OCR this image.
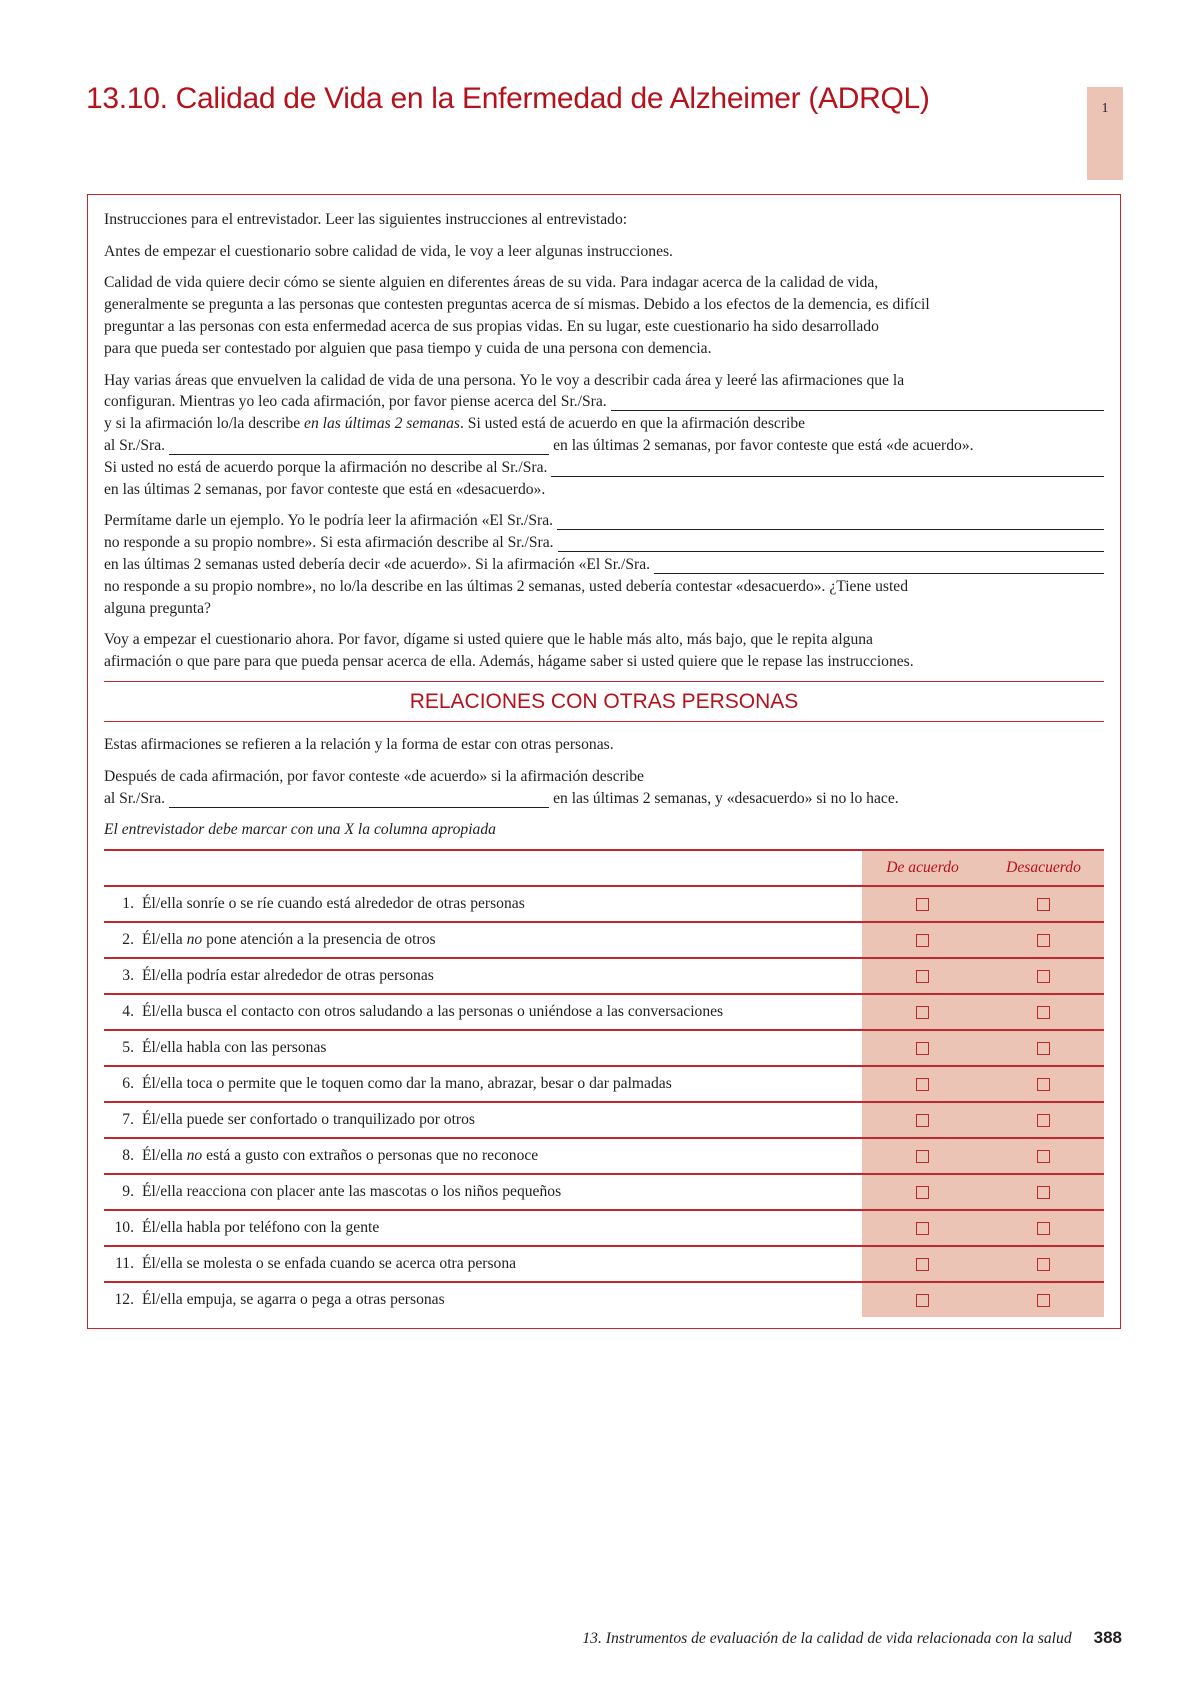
13.10. Calidad de Vida en la Enfermedad de Alzheimer (ADRQL)	1
Instrucciones para el entrevistador. Leer las siguientes instrucciones al entrevistado:
Antes de empezar el cuestionario sobre calidad de vida, le voy a leer algunas instrucciones.
Calidad de vida quiere decir cómo se siente alguien en diferentes áreas de su vida. Para indagar acerca de la calidad de vida,
generalmente se pregunta a las personas que contesten preguntas acerca de sí mismas. Debido a los efectos de la demencia, es difícil
preguntar a las personas con esta enfermedad acerca de sus propias vidas. En su lugar, este cuestionario ha sido desarrollado
para que pueda ser contestado por alguien que pasa tiempo y cuida de una persona con demencia.
Hay varias áreas que envuelven la calidad de vida de una persona. Yo le voy a describir cada área y leeré las afirmaciones que la
configuran. Mientras yo leo cada afirmación, por favor piense acerca del Sr./Sra.
y si la afirmación lo/la describe en las últimas 2 semanas . Si usted está de acuerdo en que la afirmación describe
al Sr./Sra.	en las últimas 2 semanas, por favor conteste que está «de acuerdo».
Si usted no está de acuerdo porque la afirmación no describe al Sr./Sra.
en las últimas 2 semanas, por favor conteste que está en «desacuerdo».
Permítame darle un ejemplo. Yo le podría leer la afirmación «El Sr./Sra.
no responde a su propio nombre». Si esta afirmación describe al Sr./Sra.
en las últimas 2 semanas usted debería decir «de acuerdo». Si la afirmación «El Sr./Sra.
no responde a su propio nombre», no lo/la describe en las últimas 2 semanas, usted debería contestar «desacuerdo». ¿Tiene usted
alguna pregunta?
Voy a empezar el cuestionario ahora. Por favor, dígame si usted quiere que le hable más alto, más bajo, que le repita alguna
afirmación o que pare para que pueda pensar acerca de ella. Además, hágame saber si usted quiere que le repase las instrucciones.
RELACIONES CON OTRAS PERSONAS
Estas afirmaciones se refieren a la relación y la forma de estar con otras personas.
Después de cada afirmación, por favor conteste «de acuerdo» si la afirmación describe
al Sr./Sra.	en las últimas 2 semanas, y «desacuerdo» si no lo hace.
El entrevistador debe marcar con una X la columna apropiada
	De acuerdo	Desacuerdo
1. Él/ella sonríe o se ríe cuando está alrededor de otras personas		
2. Él/ella no pone atención a la presencia de otros		
3. Él/ella podría estar alrededor de otras personas		
4. Él/ella busca el contacto con otros saludando a las personas o uniéndose a las conversaciones		
5. Él/ella habla con las personas		
6. Él/ella toca o permite que le toquen como dar la mano, abrazar, besar o dar palmadas		
7. Él/ella puede ser confortado o tranquilizado por otros		
8. Él/ella no está a gusto con extraños o personas que no reconoce		
9. Él/ella reacciona con placer ante las mascotas o los niños pequeños		
10. Él/ella habla por teléfono con la gente		
11. Él/ella se molesta o se enfada cuando se acerca otra persona		
12. Él/ella empuja, se agarra o pega a otras personas		
13. Instrumentos de evaluación de la calidad de vida relacionada con la salud 388
